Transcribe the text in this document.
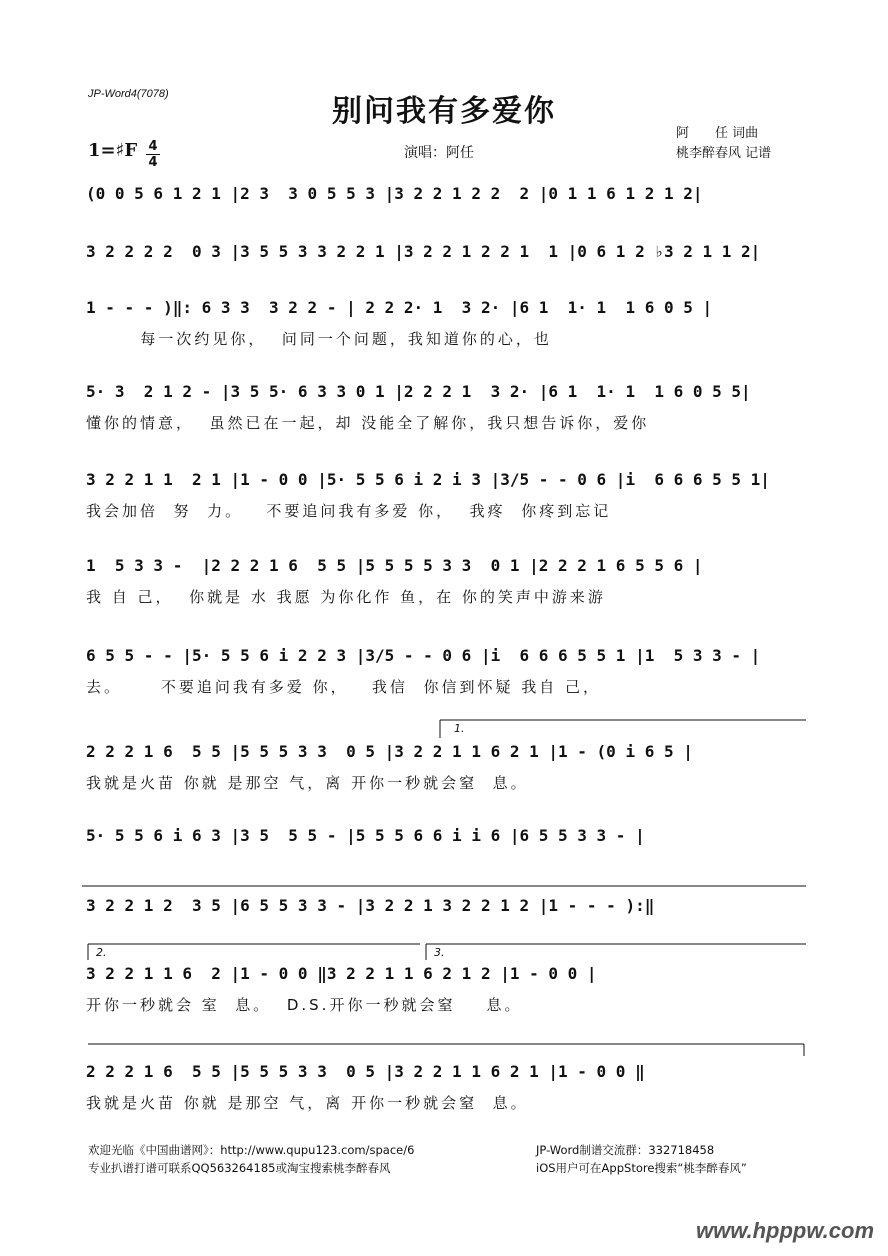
JP-Word4(7078)	别问我有多爱你
1=♯F 4
4
演唱：阿任
阿　　任 词曲
桃李醉春风 记谱
(0 0 5 6 1 2 1 |2 3  3 0 5 5 3 |3 2 2 1 2 2  2 |0 1 1 6 1 2 1 2|
3 2 2 2 2  0 3 |3 5 5 3 3 2 2 1 |3 2 2 1 2 2 1  1 |0 6 1 2 ♭3 2 1 1 2|
1 - - - )‖: 6 3 3  3 2 2 - | 2 2 2· 1  3 2· |6 1  1· 1  1 6 0 5 |
每一次约见你，  问同一个问题，我知道你的心，也
5· 3  2 1 2 - |3 5 5· 6 3 3 0 1 |2 2 2 1  3 2· |6 1  1· 1  1 6 0 5 5|
懂你的情意，  虽然已在一起，却 没能全了解你，我只想告诉你，爱你
3 2 2 1 1  2 1 |1 - 0 0 |5· 5 5 6 i 2 i 3 |3/5 - - 0 6 |i  6 6 6 5 5 1|
我会加倍  努  力。   不要追问我有多爱 你，  我疼  你疼到忘记
1  5 3 3 -  |2 2 2 1 6  5 5 |5 5 5 5 3 3  0 1 |2 2 2 1 6 5 5 6 |
我 自 己，  你就是 水 我愿 为你化作 鱼，在 你的笑声中游来游
6 5 5 - - |5· 5 5 6 i 2 2 3 |3/5 - - 0 6 |i  6 6 6 5 5 1 |1  5 3 3 - |
去。     不要追问我有多爱 你，   我信  你信到怀疑 我自 己，
2 2 2 1 6  5 5 |5 5 5 3 3  0 5 |3 2 2 1 1 6 2 1 |1 - (0 i 6 5 |
我就是火苗 你就 是那空 气，离 开你一秒就会窒  息。
5· 5 5 6 i 6 3 |3 5  5 5 - |5 5 5 6 6 i i 6 |6 5 5 3 3 - |
3 2 2 1 2  3 5 |6 5 5 3 3 - |3 2 2 1 3 2 2 1 2 |1 - - - ):‖
3 2 2 1 1 6  2 |1 - 0 0 ‖3 2 2 1 1 6 2 1 2 |1 - 0 0 |
开你一秒就会 室  息。  D.S.开你一秒就会窒    息。
2 2 2 1 6  5 5 |5 5 5 3 3  0 5 |3 2 2 1 1 6 2 1 |1 - 0 0 ‖
我就是火苗 你就 是那空 气，离 开你一秒就会窒  息。
1.
2.	3.
欢迎光临《中国曲谱网》：http://www.qupu123.com/space/6
专业扒谱打谱可联系QQ563264185或淘宝搜索桃李醉春风
JP-Word制谱交流群：332718458
iOS用户可在AppStore搜索“桃李醉春风”
www.hpppw.com
